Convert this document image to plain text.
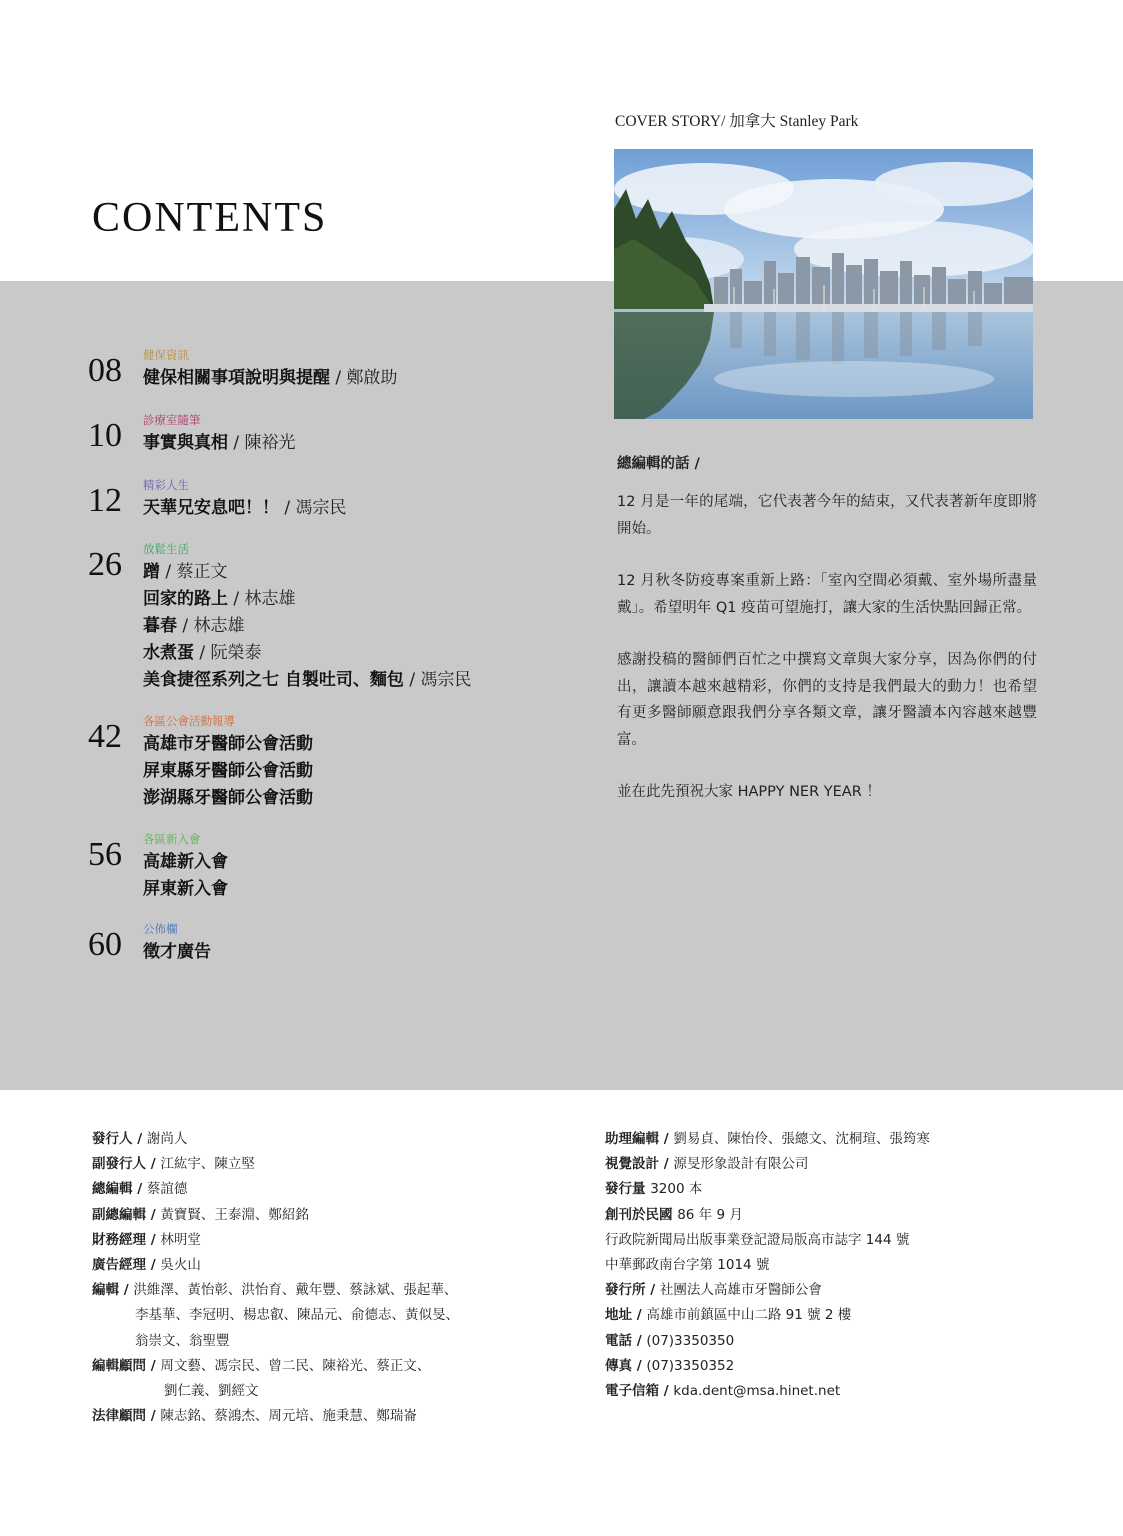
CONTENTS
COVER STORY/ 加拿大 Stanley Park
08 健保資訊
健保相關事項說明與提醒 / 鄭啟助
10 診療室隨筆
事實與真相 / 陳裕光
12 精彩人生
天華兄安息吧！！ / 馮宗民
26 放鬆生活
蹭 / 蔡正文
回家的路上 / 林志雄
暮春 / 林志雄
水煮蛋 / 阮榮泰
美食捷徑系列之七 自製吐司、麵包 / 馮宗民
42 各區公會活動報導
高雄市牙醫師公會活動
屏東縣牙醫師公會活動
澎湖縣牙醫師公會活動
56 各區新入會
高雄新入會
屏東新入會
60 公佈欄
徵才廣告
總編輯的話 /

12 月是一年的尾端，它代表著今年的結束，又代表著新年度即將開始。

12 月秋冬防疫專案重新上路：「室內空間必須戴、室外場所盡量戴」。希望明年 Q1 疫苗可望施打，讓大家的生活快點回歸正常。

感謝投稿的醫師們百忙之中撰寫文章與大家分享，因為你們的付出，讓讀本越來越精彩，你們的支持是我們最大的動力！也希望有更多醫師願意跟我們分享各類文章，讓牙醫讀本內容越來越豐富。

並在此先預祝大家 HAPPY NER YEAR ！

發行人 / 謝尚人
副發行人 / 江紘宇、陳立堅
總編輯 / 蔡誼德
副總編輯 / 黃寶賢、王泰淵、鄭紹銘
財務經理 / 林明堂
廣告經理 / 吳火山
編輯 / 洪維澤、黃怡彰、洪怡育、戴年豐、蔡詠斌、張起華、
李基華、李冠明、楊忠叡、陳品元、俞德志、黃似旻、
翁崇文、翁聖豐
編輯顧問 / 周文藝、馮宗民、曾二民、陳裕光、蔡正文、
劉仁義、劉經文
法律顧問 / 陳志銘、蔡鴻杰、周元培、施秉慧、鄭瑞崙
助理編輯 / 劉易貞、陳怡伶、張總文、沈桐瑄、張筠寒
視覺設計 / 源旻形象設計有限公司
發行量 3200 本
創刊於民國 86 年 9 月
行政院新聞局出版事業登記證局版高市誌字 144 號
中華郵政南台字第 1014 號
發行所 / 社團法人高雄市牙醫師公會
地址 / 高雄市前鎮區中山二路 91 號 2 樓
電話 / (07)3350350
傳真 / (07)3350352
電子信箱 / kda.dent@msa.hinet.net
